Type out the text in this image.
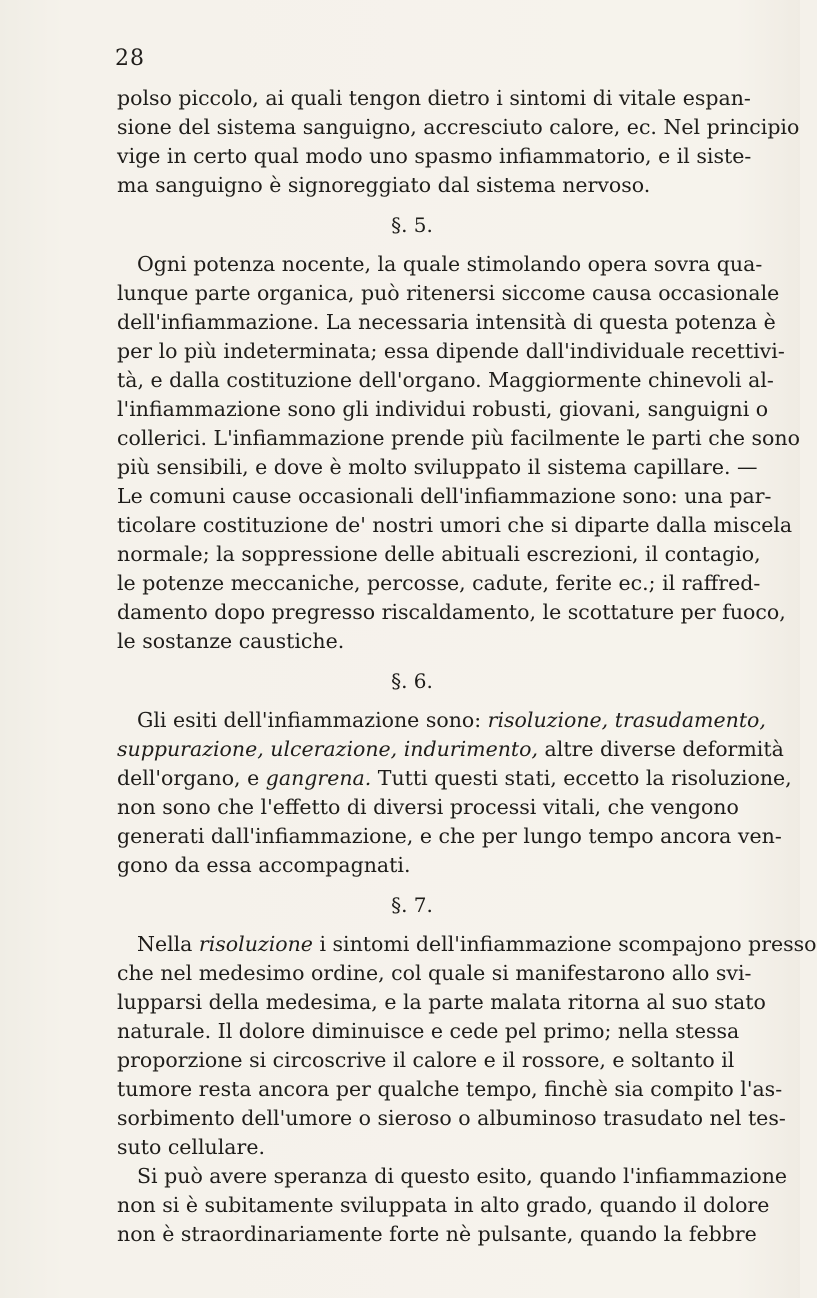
28
polso piccolo, ai quali tengon dietro i sintomi di vitale espan-
sione del sistema sanguigno, accresciuto calore, ec. Nel principio
vige in certo qual modo uno spasmo infiammatorio, e il siste-
ma sanguigno è signoreggiato dal sistema nervoso.
§. 5.
Ogni potenza nocente, la quale stimolando opera sovra qua-
lunque parte organica, può ritenersi siccome causa occasionale
dell'infiammazione. La necessaria intensità di questa potenza è
per lo più indeterminata; essa dipende dall'individuale recettivi-
tà, e dalla costituzione dell'organo. Maggiormente chinevoli al-
l'infiammazione sono gli individui robusti, giovani, sanguigni o
collerici. L'infiammazione prende più facilmente le parti che sono
più sensibili, e dove è molto sviluppato il sistema capillare. —
Le comuni cause occasionali dell'infiammazione sono: una par-
ticolare costituzione de' nostri umori che si diparte dalla miscela
normale; la soppressione delle abituali escrezioni, il contagio,
le potenze meccaniche, percosse, cadute, ferite ec.; il raffred-
damento dopo pregresso riscaldamento, le scottature per fuoco,
le sostanze caustiche.
§. 6.
Gli esiti dell'infiammazione sono: risoluzione, trasudamento,
suppurazione, ulcerazione, indurimento, altre diverse deformità
dell'organo, e gangrena. Tutti questi stati, eccetto la risoluzione,
non sono che l'effetto di diversi processi vitali, che vengono
generati dall'infiammazione, e che per lungo tempo ancora ven-
gono da essa accompagnati.
§. 7.
Nella risoluzione i sintomi dell'infiammazione scompajono presso
che nel medesimo ordine, col quale si manifestarono allo svi-
lupparsi della medesima, e la parte malata ritorna al suo stato
naturale. Il dolore diminuisce e cede pel primo; nella stessa
proporzione si circoscrive il calore e il rossore, e soltanto il
tumore resta ancora per qualche tempo, finchè sia compito l'as-
sorbimento dell'umore o sieroso o albuminoso trasudato nel tes-
suto cellulare.
Si può avere speranza di questo esito, quando l'infiammazione
non si è subitamente sviluppata in alto grado, quando il dolore
non è straordinariamente forte nè pulsante, quando la febbre
